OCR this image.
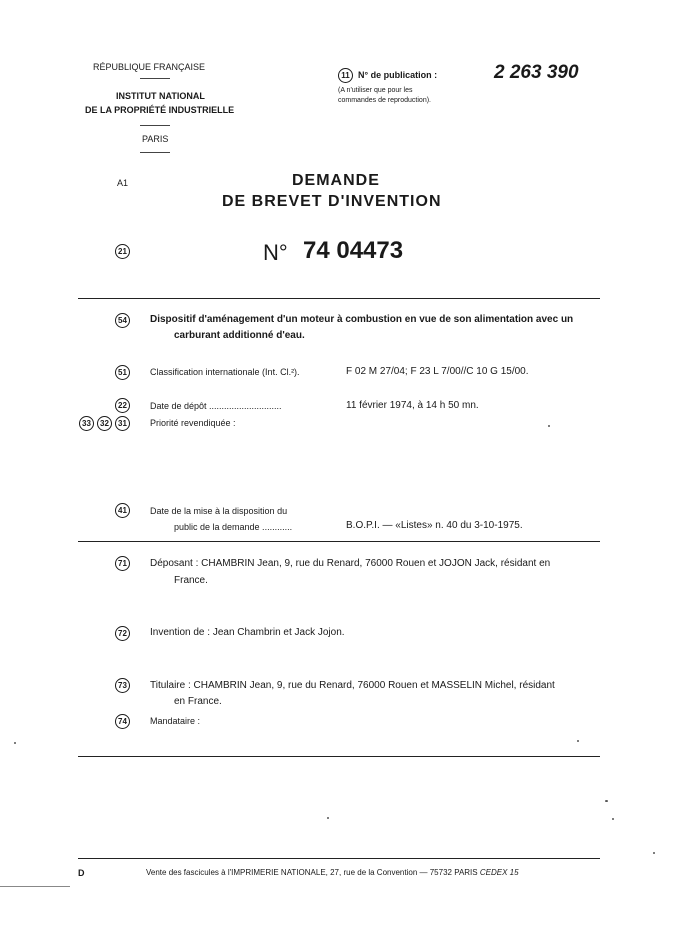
RÉPUBLIQUE FRANÇAISE
INSTITUT NATIONAL
DE LA PROPRIÉTÉ INDUSTRIELLE
PARIS
11 N° de publication :
(A n'utiliser que pour les
commandes de reproduction).
2 263 390
A1	DEMANDE
DE BREVET D'INVENTION
21	N° 74 04473
54	Dispositif d'aménagement d'un moteur à combustion en vue de son alimentation avec un
carburant additionné d'eau.
51	Classification internationale (Int. Cl.²).	F 02 M 27/04; F 23 L 7/00//C 10 G 15/00.
22	Date de dépôt .............................	11 février 1974, à 14 h 50 mn.
33	32	31	Priorité revendiquée :
41	Date de la mise à la disposition du
public de la demande ............	B.O.P.I. — «Listes» n. 40 du 3-10-1975.
71	Déposant : CHAMBRIN Jean, 9, rue du Renard, 76000 Rouen et JOJON Jack, résidant en
France.
72	Invention de : Jean Chambrin et Jack Jojon.
73	Titulaire : CHAMBRIN Jean, 9, rue du Renard, 76000 Rouen et MASSELIN Michel, résidant
en France.
74	Mandataire :
D	Vente des fascicules à l'IMPRIMERIE NATIONALE, 27, rue de la Convention — 75732 PARIS CEDEX 15
